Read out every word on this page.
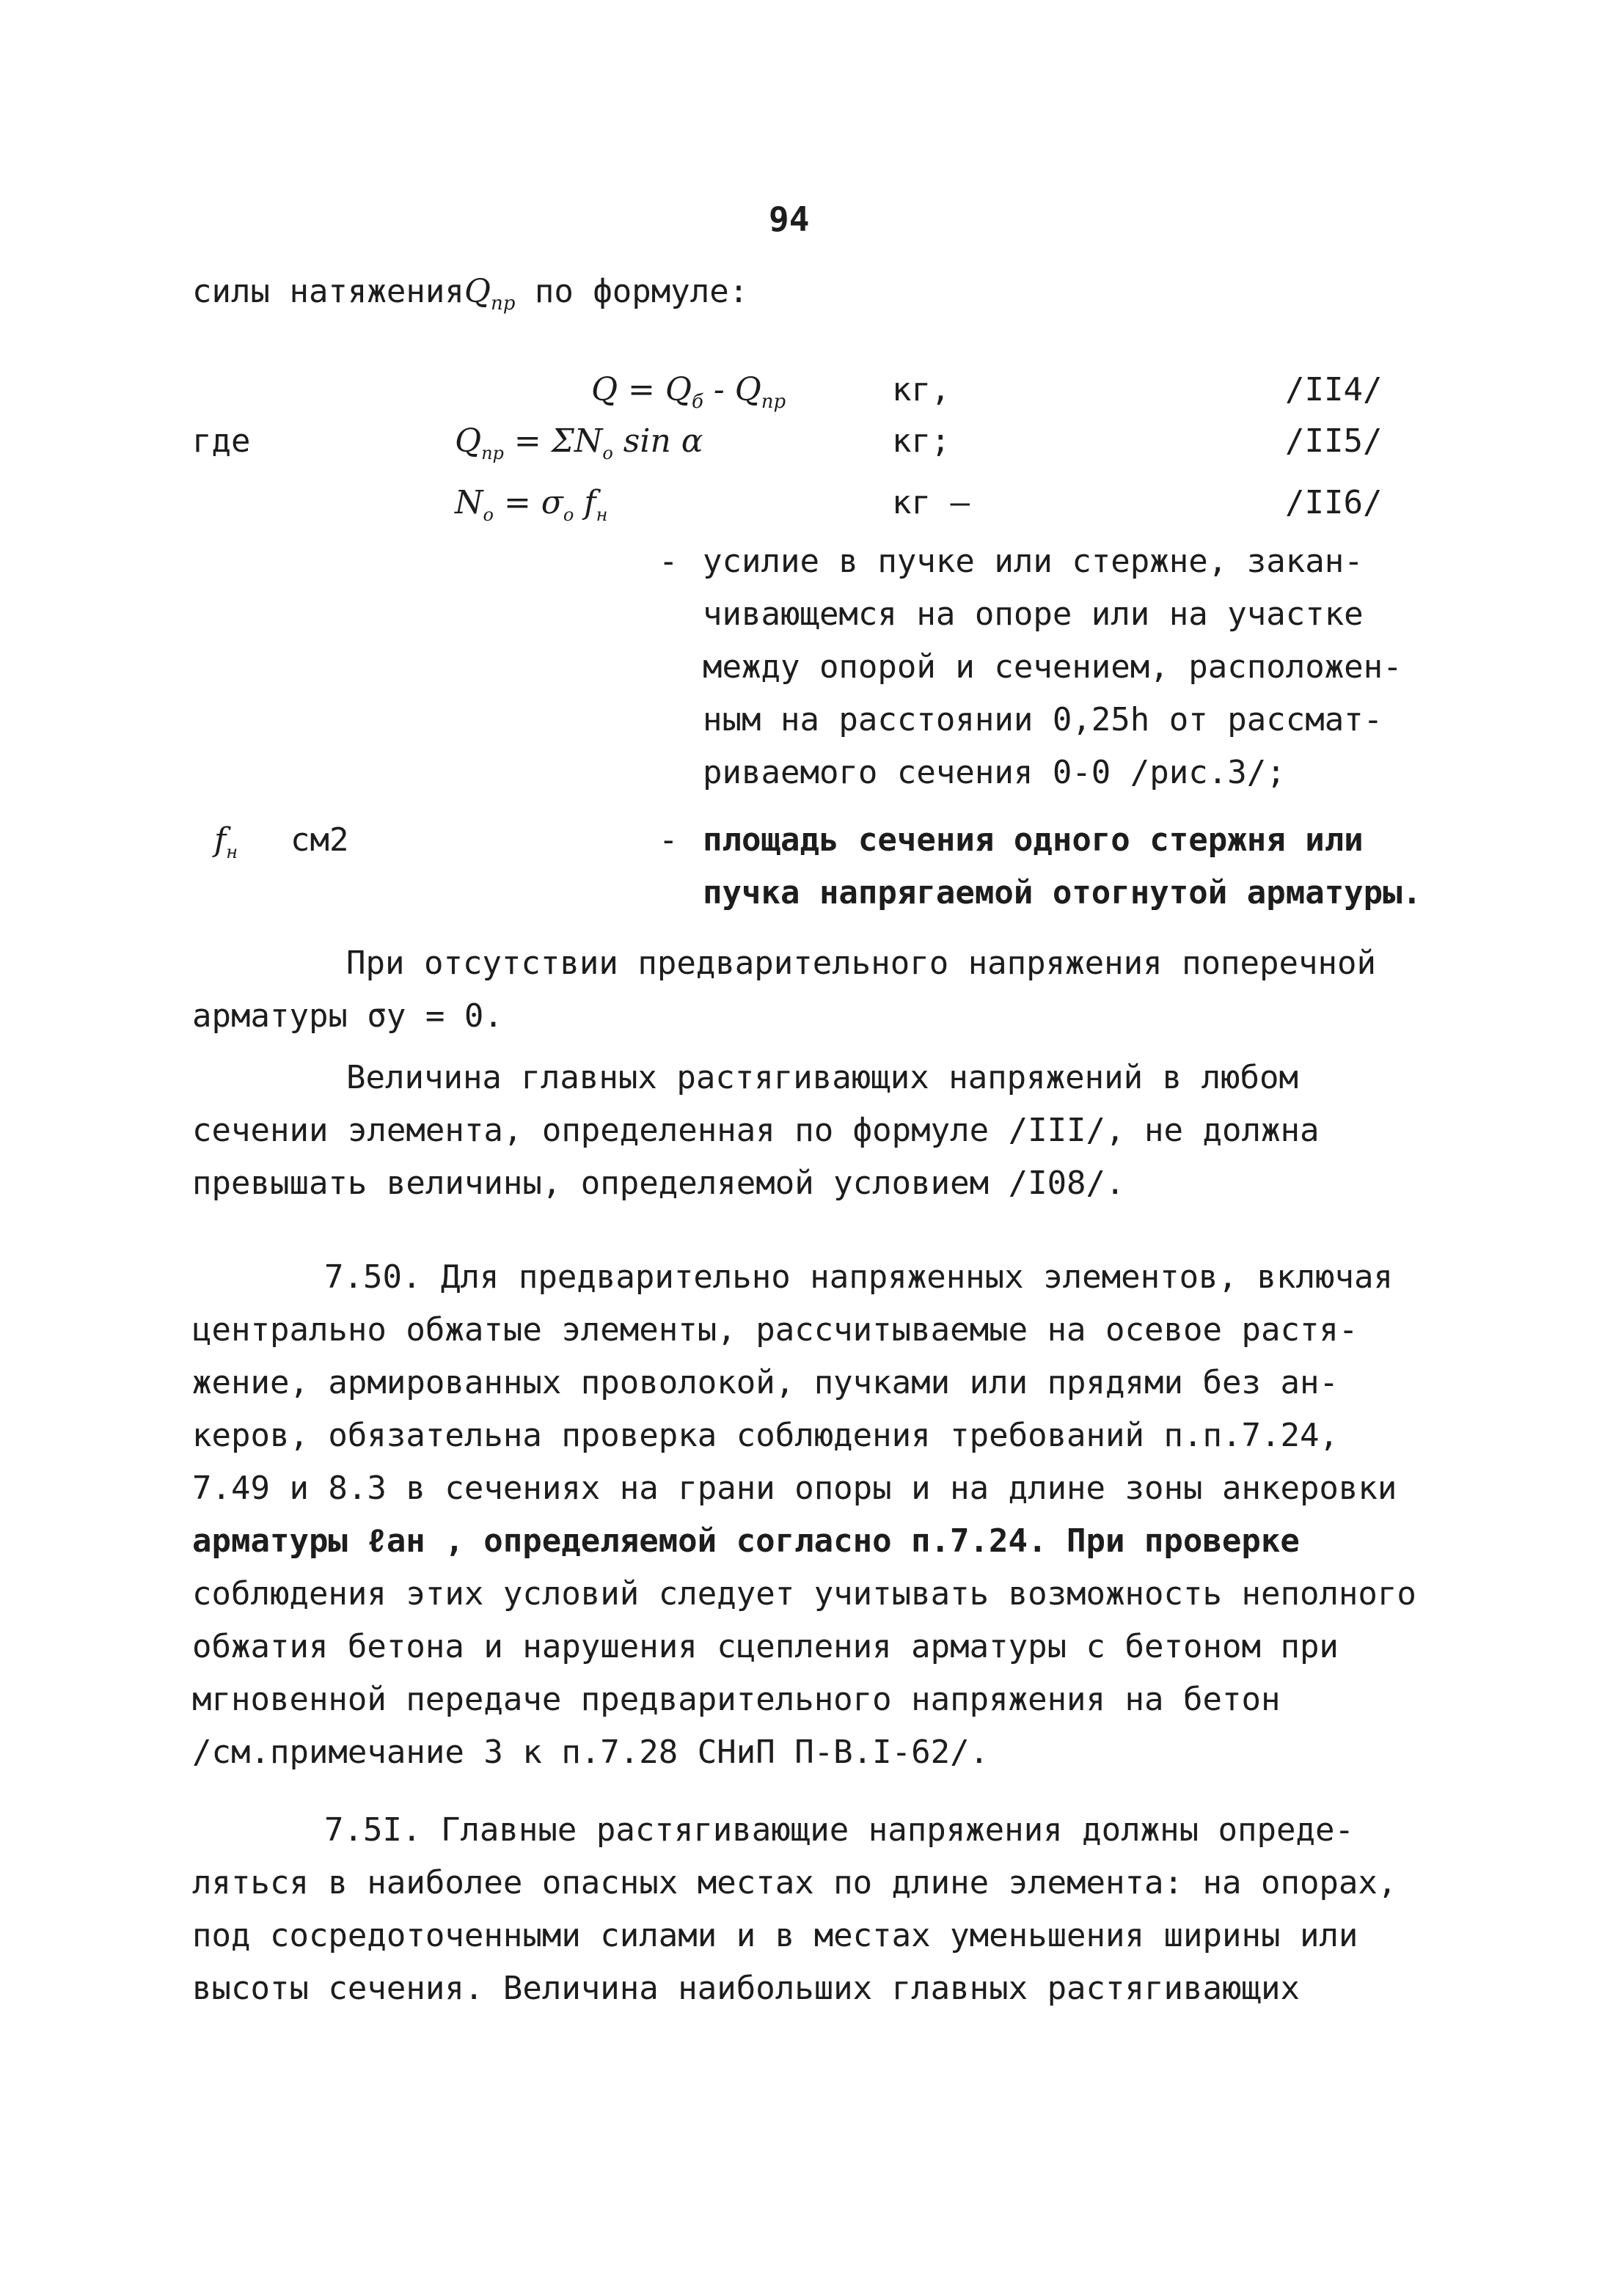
94
силы натяженияQ$_{пр}$ по формуле:
$Q = Q_б - Q_{пр}$	кг,	/II4/
где	$Q_{пр} = \Sigma N_o$ sin α	кг;	/II5/
$N_o = \sigma_o$ $f_н$	кг –	/II6/
- усилие в пучке или стержне, закан-

чивающемся на опоре или на участке

между опорой и сечением, расположен-

ным на расстоянии 0,25h от рассмат-

риваемого сечения 0-0 /рис.3/;

$f_н$ см2	- площадь сечения одного стержня или

пучка напрягаемой отогнутой арматуры.

При отсутствии предварительного напряжения поперечной

арматуры σy = 0.

Величина главных растягивающих напряжений в любом

сечении элемента, определенная по формуле /III/, не должна

превышать величины, определяемой условием /I08/.

7.50. Для предварительно напряженных элементов, включая

центрально обжатые элементы, рассчитываемые на осевое растя-

жение, армированных проволокой, пучками или прядями без ан-

керов, обязательна проверка соблюдения требований п.п.7.24,

7.49 и 8.3 в сечениях на грани опоры и на длине зоны анкеровки

арматуры ℓан , определяемой согласно п.7.24. При проверке

соблюдения этих условий следует учитывать возможность неполного

обжатия бетона и нарушения сцепления арматуры с бетоном при

мгновенной передаче предварительного напряжения на бетон

/см.примечание 3 к п.7.28 СНиП П-В.I-62/.

7.5I. Главные растягивающие напряжения должны опреде-

ляться в наиболее опасных местах по длине элемента: на опорах,

под сосредоточенными силами и в местах уменьшения ширины или

высоты сечения. Величина наибольших главных растягивающих
